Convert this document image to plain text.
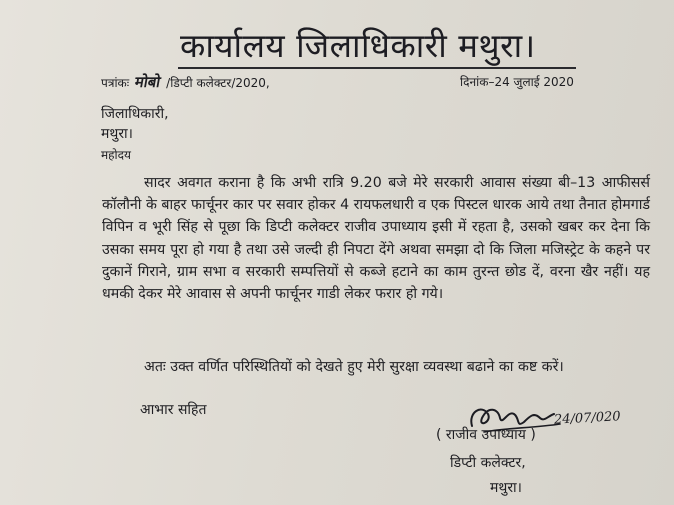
कार्यालय जिलाधिकारी मथुरा।
पत्रांकः मोबो /डिप्टी कलेक्टर/2020,	दिनांक–24 जुलाई 2020
जिलाधिकारी,
मथुरा।
महोदय
सादर अवगत कराना है कि अभी रात्रि 9.20 बजे मेरे सरकारी आवास संख्या बी–13 आफीसर्स कॉलौनी के बाहर फार्चूनर कार पर सवार होकर 4 रायफलधारी व एक पिस्टल धारक आये तथा तैनात होमगार्ड विपिन व भूरी सिंह से पूछा कि डिप्टी कलेक्टर राजीव उपाध्याय इसी में रहता है, उसको खबर कर देना कि उसका समय पूरा हो गया है तथा उसे जल्दी ही निपटा देंगे अथवा समझा दो कि जिला मजिस्ट्रेट के कहने पर दुकानें गिराने, ग्राम सभा व सरकारी सम्पत्तियों से कब्जे हटाने का काम तुरन्त छोड दें, वरना खैर नहीं। यह धमकी देकर मेरे आवास से अपनी फार्चूनर गाडी लेकर फरार हो गये।
अतः उक्त वर्णित परिस्थितियों को देखते हुए मेरी सुरक्षा व्यवस्था बढाने का कष्ट करें।
आभार सहित	24/07/020
( राजीव उपाध्याय )
डिप्टी कलेक्टर,
मथुरा।
